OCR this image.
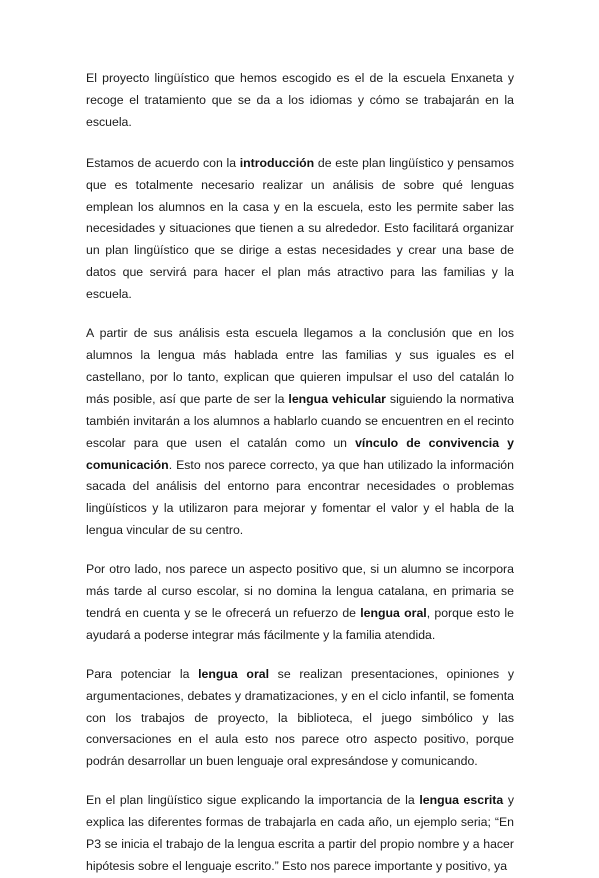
El proyecto lingüístico que hemos escogido es el de la escuela Enxaneta y recoge el tratamiento que se da a los idiomas y cómo se trabajarán en la escuela.

Estamos de acuerdo con la introducción de este plan lingüístico y pensamos que es totalmente necesario realizar un análisis de sobre qué lenguas emplean los alumnos en la casa y en la escuela, esto les permite saber las necesidades y situaciones que tienen a su alrededor. Esto facilitará organizar un plan lingüístico que se dirige a estas necesidades y crear una base de datos que servirá para hacer el plan más atractivo para las familias y la escuela.

A partir de sus análisis esta escuela llegamos a la conclusión que en los alumnos la lengua más hablada entre las familias y sus iguales es el castellano, por lo tanto, explican que quieren impulsar el uso del catalán lo más posible, así que parte de ser la lengua vehicular siguiendo la normativa también invitarán a los alumnos a hablarlo cuando se encuentren en el recinto escolar para que usen el catalán como un vínculo de convivencia y comunicación. Esto nos parece correcto, ya que han utilizado la información sacada del análisis del entorno para encontrar necesidades o problemas lingüísticos y la utilizaron para mejorar y fomentar el valor y el habla de la lengua vincular de su centro.

Por otro lado, nos parece un aspecto positivo que, si un alumno se incorpora más tarde al curso escolar, si no domina la lengua catalana, en primaria se tendrá en cuenta y se le ofrecerá un refuerzo de lengua oral, porque esto le ayudará a poderse integrar más fácilmente y la familia atendida.

Para potenciar la lengua oral se realizan presentaciones, opiniones y argumentaciones, debates y dramatizaciones, y en el ciclo infantil, se fomenta con los trabajos de proyecto, la biblioteca, el juego simbólico y las conversaciones en el aula esto nos parece otro aspecto positivo, porque podrán desarrollar un buen lenguaje oral expresándose y comunicando.

En el plan lingüístico sigue explicando la importancia de la lengua escrita y explica las diferentes formas de trabajarla en cada año, un ejemplo seria; “En P3 se inicia el trabajo de la lengua escrita a partir del propio nombre y a hacer hipótesis sobre el lenguaje escrito.” Esto nos parece importante y positivo, ya
